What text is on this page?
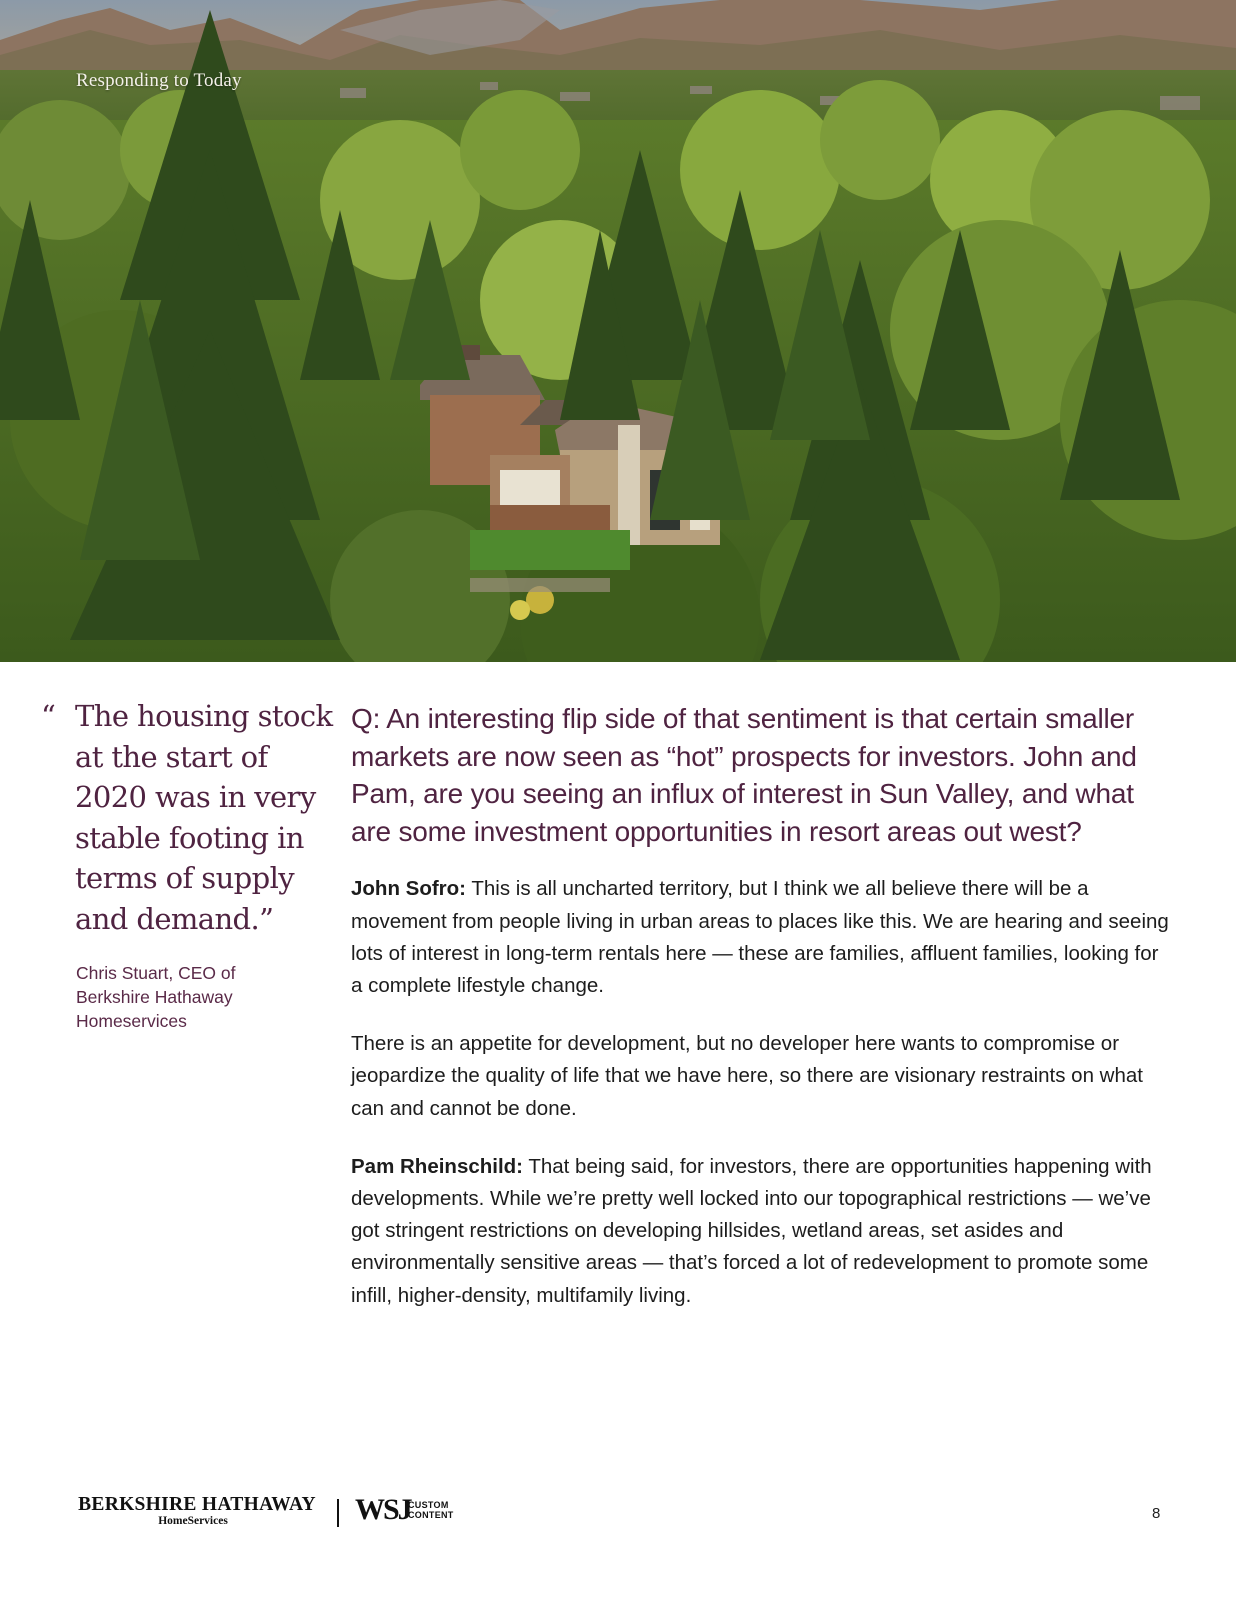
Responding to Today
“ The housing stock at the start of 2020 was in very stable footing in terms of supply and demand.”
Chris Stuart, CEO of Berkshire Hathaway Homeservices

Q: An interesting flip side of that sentiment is that certain smaller markets are now seen as “hot” prospects for investors. John and Pam, are you seeing an influx of interest in Sun Valley, and what are some investment opportunities in resort areas out west?

John Sofro: This is all uncharted territory, but I think we all believe there will be a movement from people living in urban areas to places like this. We are hearing and seeing lots of interest in long-term rentals here — these are families, affluent families, looking for a complete lifestyle change.

There is an appetite for development, but no developer here wants to compromise or jeopardize the quality of life that we have here, so there are visionary restraints on what can and cannot be done.

Pam Rheinschild: That being said, for investors, there are opportunities happening with developments. While we’re pretty well locked into our topographical restrictions — we’ve got stringent restrictions on developing hillsides, wetland areas, set asides and environmentally sensitive areas — that’s forced a lot of redevelopment to promote some infill, higher-density, multifamily living.

BERKSHIRE HATHAWAY
HomeServices	WSJ
CUSTOM
CONTENT	8
